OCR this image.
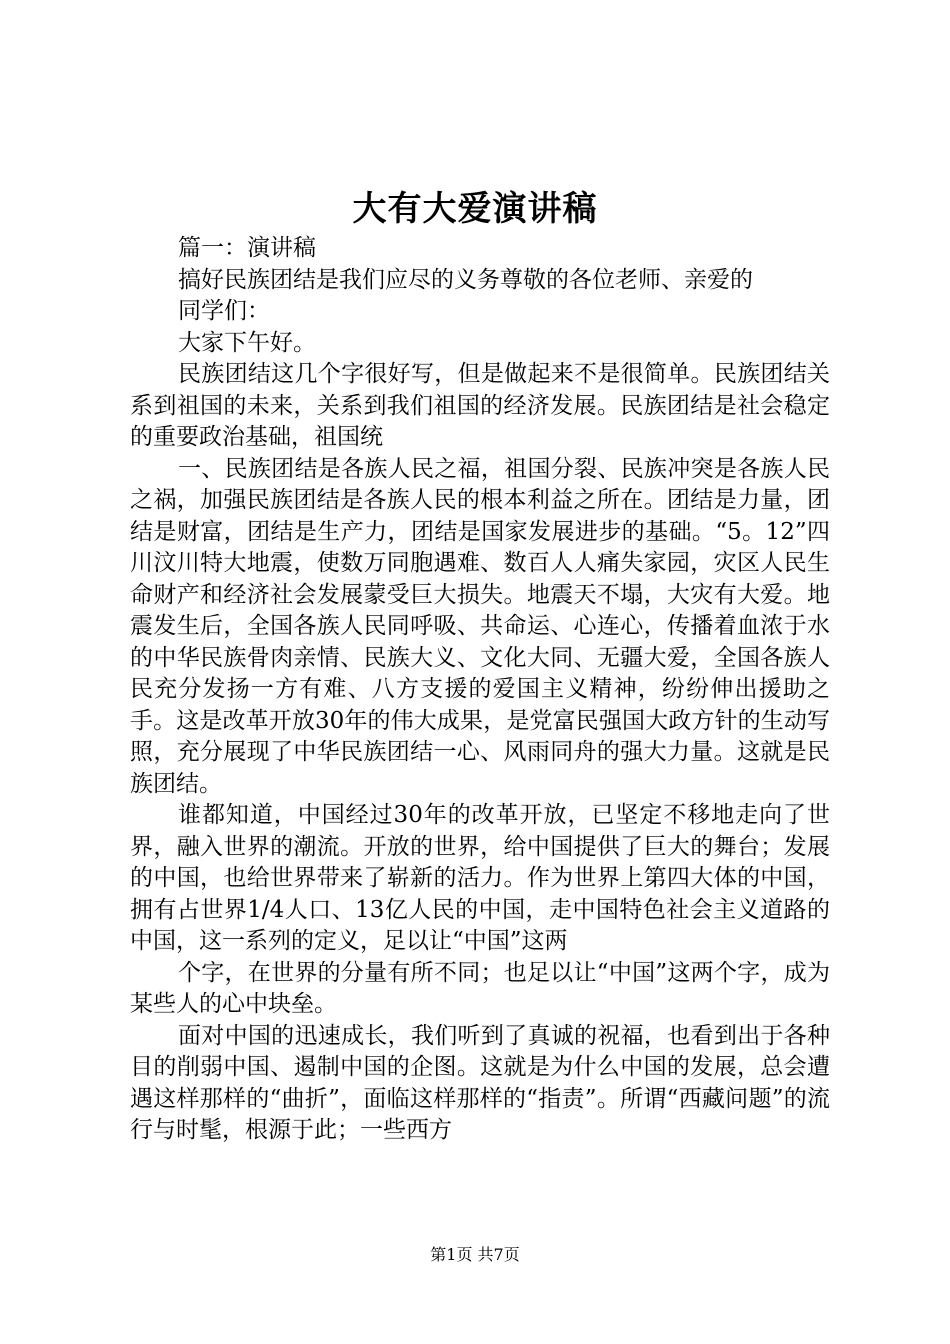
大有大爱演讲稿

篇一：演讲稿

搞好民族团结是我们应尽的义务尊敬的各位老师、亲爱的

同学们：

大家下午好。

民族团结这几个字很好写，但是做起来不是很简单。民族团结关系到祖国的未来，关系到我们祖国的经济发展。民族团结是社会稳定的重要政治基础，祖国统

一、民族团结是各族人民之福，祖国分裂、民族冲突是各族人民之祸，加强民族团结是各族人民的根本利益之所在。团结是力量，团结是财富，团结是生产力，团结是国家发展进步的基础。“5。12”四川汶川特大地震，使数万同胞遇难、数百人人痛失家园，灾区人民生命财产和经济社会发展蒙受巨大损失。地震天不塌，大灾有大爱。地震发生后，全国各族人民同呼吸、共命运、心连心，传播着血浓于水的中华民族骨肉亲情、民族大义、文化大同、无疆大爱，全国各族人民充分发扬一方有难、八方支援的爱国主义精神，纷纷伸出援助之手。这是改革开放30年的伟大成果，是党富民强国大政方针的生动写照，充分展现了中华民族团结一心、风雨同舟的强大力量。这就是民族团结。

谁都知道，中国经过30年的改革开放，已坚定不移地走向了世界，融入世界的潮流。开放的世界，给中国提供了巨大的舞台；发展的中国，也给世界带来了崭新的活力。作为世界上第四大体的中国，拥有占世界1/4人口、13亿人民的中国，走中国特色社会主义道路的中国，这一系列的定义，足以让“中国”这两

个字，在世界的分量有所不同；也足以让“中国”这两个字，成为某些人的心中块垒。

面对中国的迅速成长，我们听到了真诚的祝福，也看到出于各种目的削弱中国、遏制中国的企图。这就是为什么中国的发展，总会遭遇这样那样的“曲折”，面临这样那样的“指责”。所谓“西藏问题”的流行与时髦，根源于此；一些西方

第1页 共7页
